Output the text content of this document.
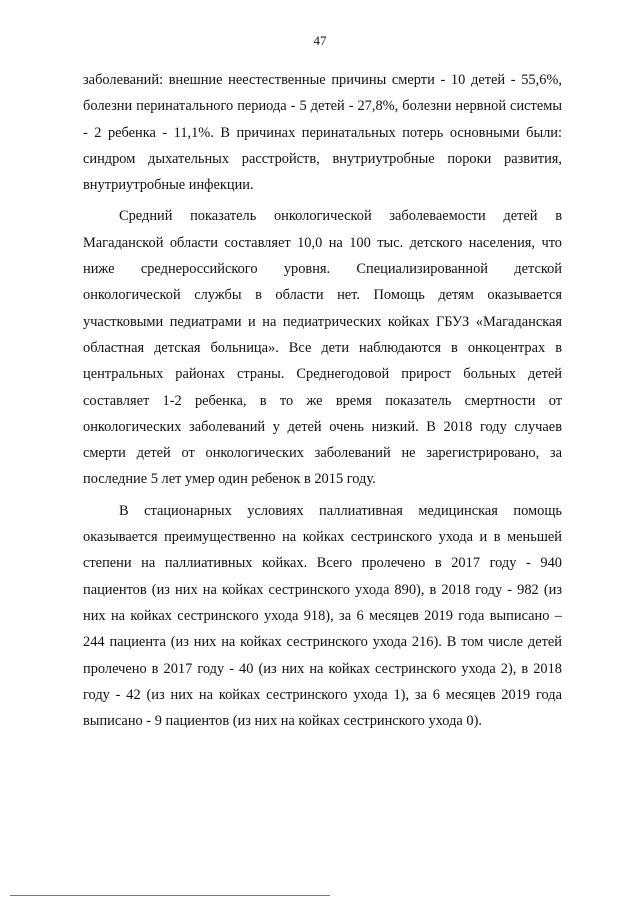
47

заболеваний: внешние неестественные причины смерти - 10 детей - 55,6%, болезни перинатального периода - 5 детей - 27,8%, болезни нервной системы - 2 ребенка - 11,1%. В причинах перинатальных потерь основными были: синдром дыхательных расстройств, внутриутробные пороки развития, внутриутробные инфекции.

Средний показатель онкологической заболеваемости детей в Магаданской области составляет 10,0 на 100 тыс. детского населения, что ниже среднероссийского уровня. Специализированной детской онкологической службы в области нет. Помощь детям оказывается участковыми педиатрами и на педиатрических койках ГБУЗ «Магаданская областная детская больница». Все дети наблюдаются в онкоцентрах в центральных районах страны. Среднегодовой прирост больных детей составляет 1-2 ребенка, в то же время показатель смертности от онкологических заболеваний у детей очень низкий. В 2018 году случаев смерти детей от онкологических заболеваний не зарегистрировано, за последние 5 лет умер один ребенок в 2015 году.

В стационарных условиях паллиативная медицинская помощь оказывается преимущественно на койках сестринского ухода и в меньшей степени на паллиативных койках. Всего пролечено в 2017 году - 940 пациентов (из них на койках сестринского ухода 890), в 2018 году - 982 (из них на койках сестринского ухода 918), за 6 месяцев 2019 года выписано – 244 пациента (из них на койках сестринского ухода 216). В том числе детей пролечено в 2017 году - 40 (из них на койках сестринского ухода 2), в 2018 году - 42 (из них на койках сестринского ухода 1), за 6 месяцев 2019 года выписано - 9 пациентов (из них на койках сестринского ухода 0).
